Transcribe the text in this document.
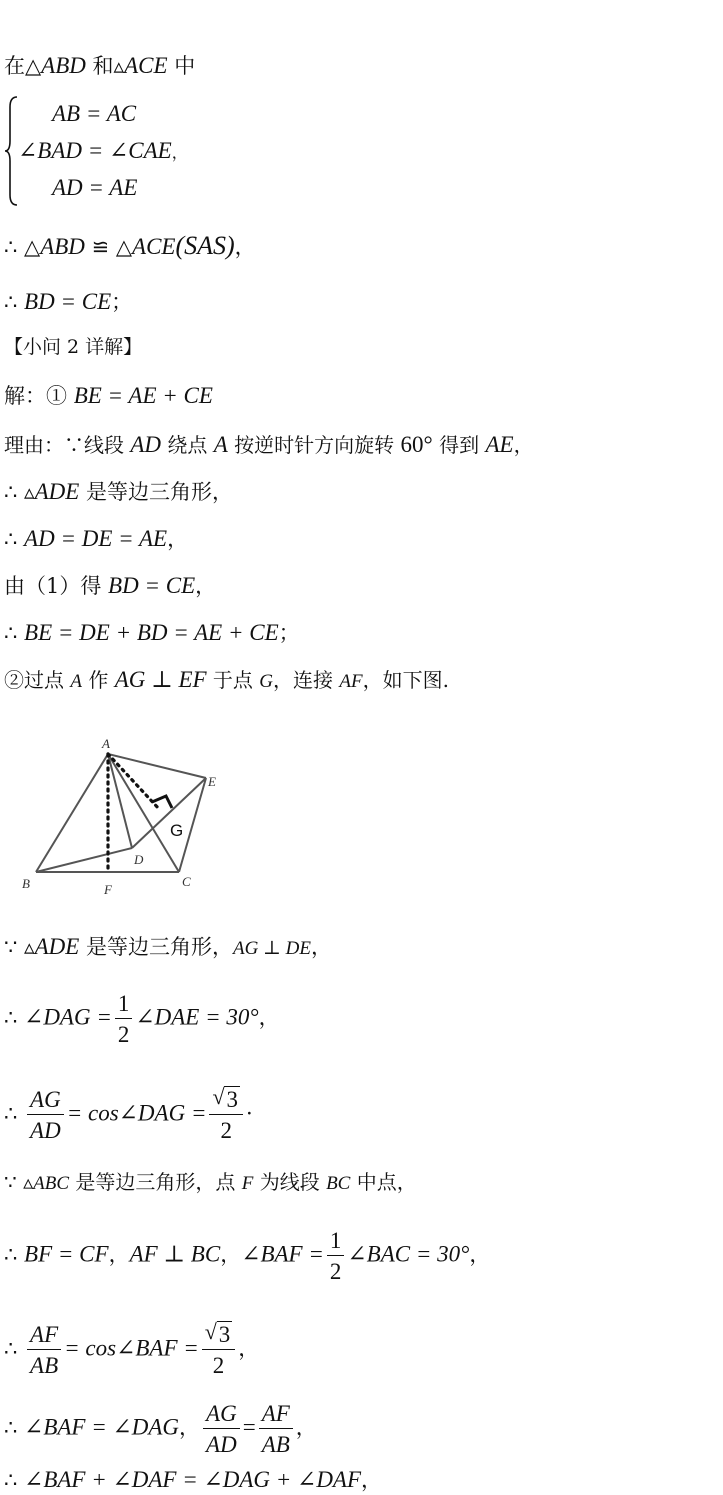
在△ABD 和▵ACE 中
AB = AC
∠BAD = ∠CAE，
AD = AE
∴ △ABD ≌ △ACE(SAS)，
∴ BD = CE；
【小问 2 详解】
解：① BE = AE + CE
理由：∵线段 AD 绕点 A 按逆时针方向旋转 60° 得到 AE，
∴ ▵ADE 是等边三角形，
∴ AD = DE = AE，
由（1）得 BD = CE，
∴ BE = DE + BD = AE + CE；
②过点 A 作 AG ⊥ EF 于点 G，连接 AF，如下图.
A
B	C
D
E
F
G
∵ ▵ADE 是等边三角形，AG ⊥ DE，
∴ ∠DAG = $\frac{1}{2}$ ∠DAE = 30°，
∴ $\frac{AG}{AD}$ = cos∠DAG = $\frac{√ 3}{2}$ ·
∵ ▵ABC 是等边三角形，点 F 为线段 BC 中点，
∴ BF = CF，AF ⊥ BC，∠BAF = $\frac{1}{2}$ ∠BAC = 30°，
∴ $\frac{AF}{AB}$ = cos∠BAF = $\frac{√ 3}{2}$ ，
∴ ∠BAF = ∠DAG， $\frac{AG}{AD} = \frac{AF}{AB}$ ，
∴ ∠BAF + ∠DAF = ∠DAG + ∠DAF，
